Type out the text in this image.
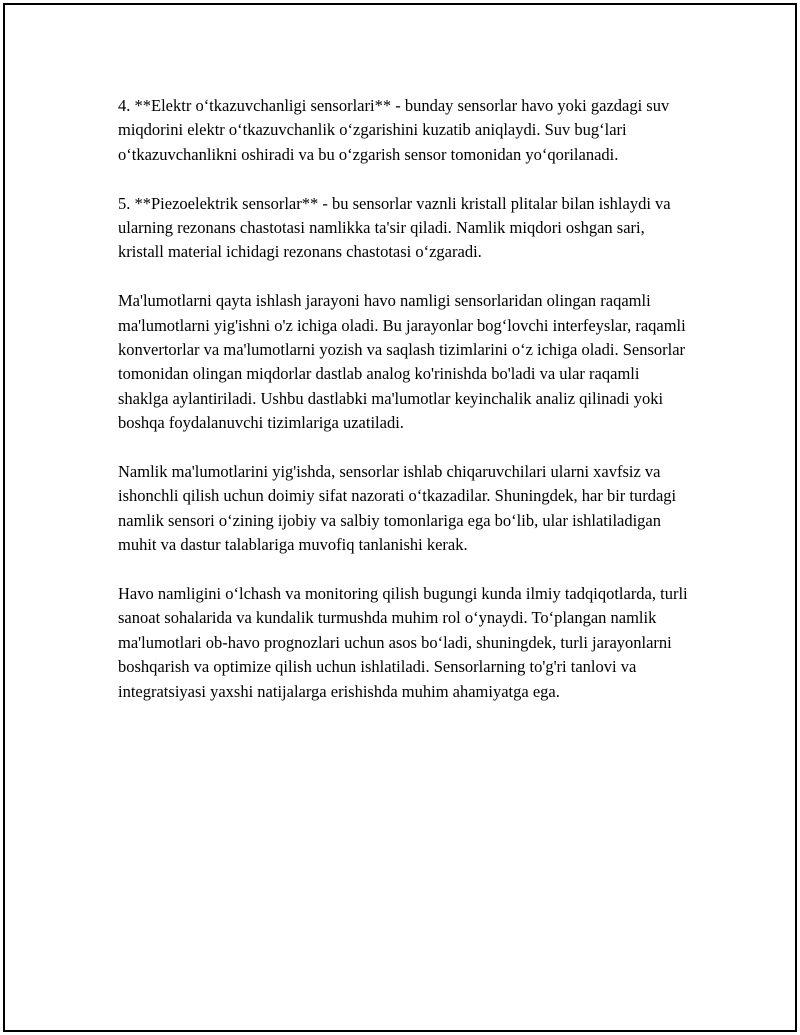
4. **Elektr o‘tkazuvchanligi sensorlari** - bunday sensorlar havo yoki gazdagi suv miqdorini elektr o‘tkazuvchanlik o‘zgarishini kuzatib aniqlaydi. Suv bug‘lari o‘tkazuvchanlikni oshiradi va bu o‘zgarish sensor tomonidan yo‘qorilanadi.

5. **Piezoelektrik sensorlar** - bu sensorlar vaznli kristall plitalar bilan ishlaydi va ularning rezonans chastotasi namlikka ta'sir qiladi. Namlik miqdori oshgan sari, kristall material ichidagi rezonans chastotasi o‘zgaradi.

Ma'lumotlarni qayta ishlash jarayoni havo namligi sensorlaridan olingan raqamli ma'lumotlarni yig'ishni o'z ichiga oladi. Bu jarayonlar bog‘lovchi interfeyslar, raqamli konvertorlar va ma'lumotlarni yozish va saqlash tizimlarini o‘z ichiga oladi. Sensorlar tomonidan olingan miqdorlar dastlab analog ko'rinishda bo'ladi va ular raqamli shaklga aylantiriladi. Ushbu dastlabki ma'lumotlar keyinchalik analiz qilinadi yoki boshqa foydalanuvchi tizimlariga uzatiladi.

Namlik ma'lumotlarini yig'ishda, sensorlar ishlab chiqaruvchilari ularni xavfsiz va ishonchli qilish uchun doimiy sifat nazorati o‘tkazadilar. Shuningdek, har bir turdagi namlik sensori o‘zining ijobiy va salbiy tomonlariga ega bo‘lib, ular ishlatiladigan muhit va dastur talablariga muvofiq tanlanishi kerak.

Havo namligini o‘lchash va monitoring qilish bugungi kunda ilmiy tadqiqotlarda, turli sanoat sohalarida va kundalik turmushda muhim rol o‘ynaydi. To‘plangan namlik ma'lumotlari ob-havo prognozlari uchun asos bo‘ladi, shuningdek, turli jarayonlarni boshqarish va optimize qilish uchun ishlatiladi. Sensorlarning to'g'ri tanlovi va integratsiyasi yaxshi natijalarga erishishda muhim ahamiyatga ega.
